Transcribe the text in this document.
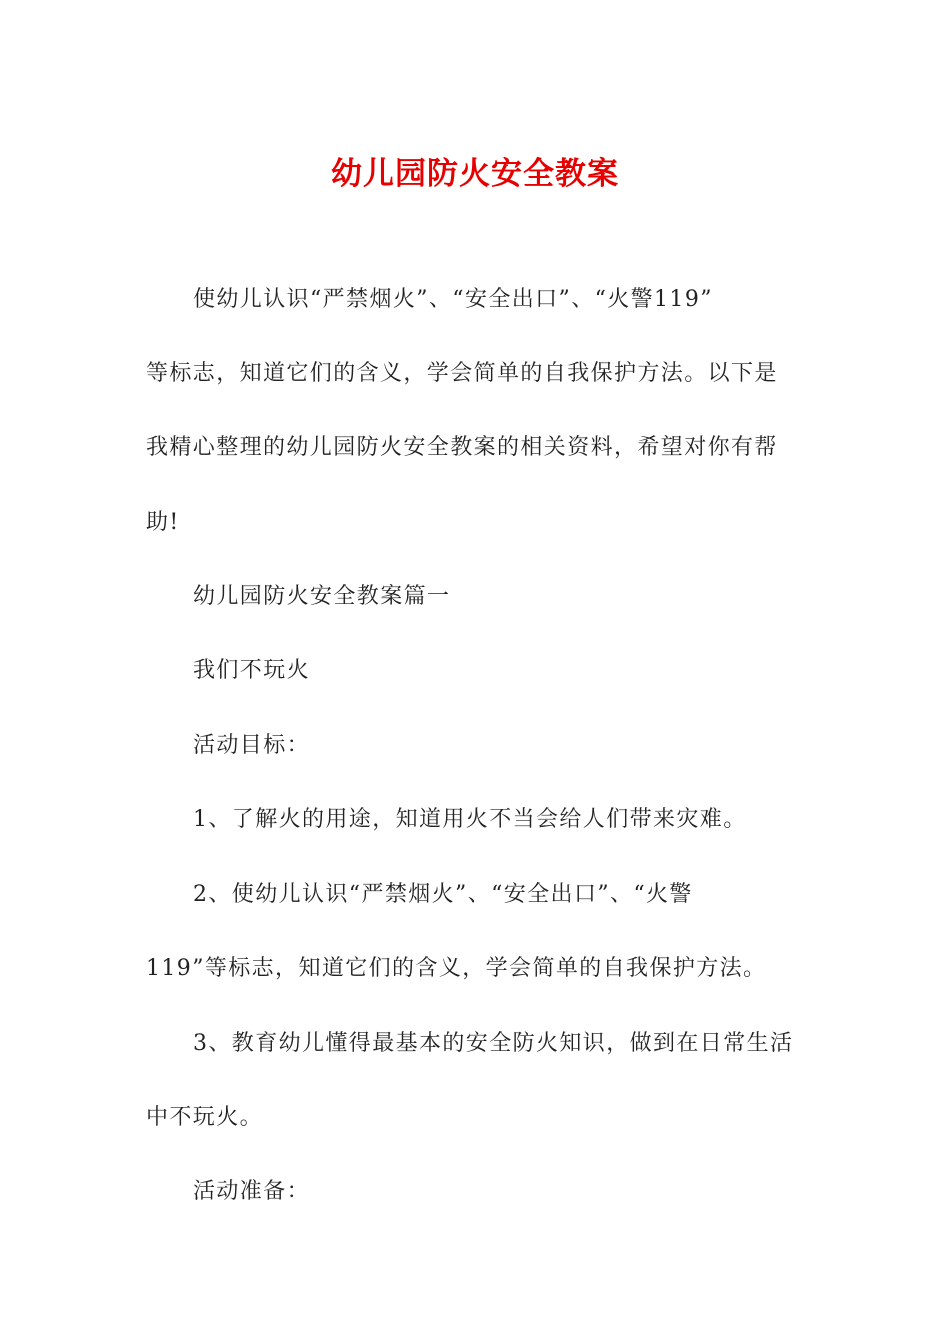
幼儿园防火安全教案
使幼儿认识“严禁烟火”、“安全出口”、“火警119”
等标志，知道它们的含义，学会简单的自我保护方法。以下是
我精心整理的幼儿园防火安全教案的相关资料，希望对你有帮
助!
幼儿园防火安全教案篇一
我们不玩火
活动目标：
1、了解火的用途，知道用火不当会给人们带来灾难。
2、使幼儿认识“严禁烟火”、“安全出口”、“火警
119”等标志，知道它们的含义，学会简单的自我保护方法。
3、教育幼儿懂得最基本的安全防火知识，做到在日常生活
中不玩火。
活动准备：
